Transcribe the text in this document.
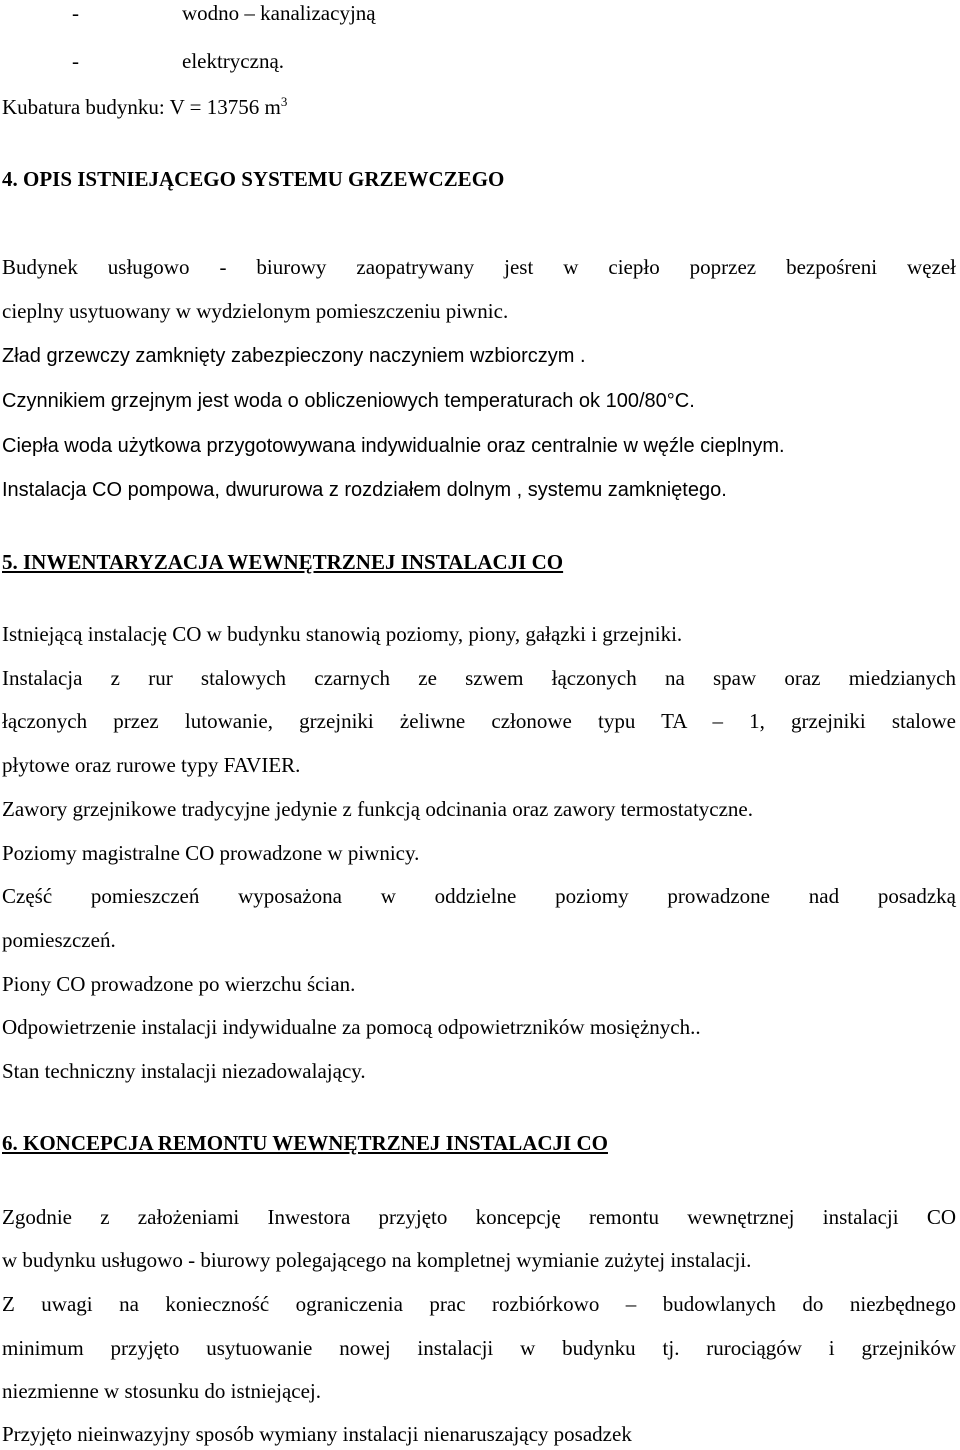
-	wodno – kanalizacyjną
-	elektryczną.
Kubatura budynku: V = 13756 $m^3$
4. OPIS ISTNIEJĄCEGO SYSTEMU GRZEWCZEGO
Budynek usługowo - biurowy zaopatrywany jest w ciepło poprzez bezpośreni węzeł
cieplny usytuowany w wydzielonym pomieszczeniu piwnic.
Zład grzewczy zamknięty zabezpieczony naczyniem wzbiorczym .
Czynnikiem grzejnym jest woda o obliczeniowych temperaturach ok 100/80°C.
Ciepła woda użytkowa przygotowywana indywidualnie oraz centralnie w węźle cieplnym.
Instalacja CO pompowa, dwururowa z rozdziałem dolnym , systemu zamkniętego.
5. INWENTARYZACJA WEWNĘTRZNEJ INSTALACJI CO
Istniejącą instalację CO w budynku stanowią poziomy, piony, gałązki i grzejniki.
Instalacja z rur stalowych czarnych ze szwem łączonych na spaw oraz miedzianych
łączonych przez lutowanie, grzejniki żeliwne członowe typu TA – 1, grzejniki stalowe
płytowe oraz rurowe typy FAVIER.
Zawory grzejnikowe tradycyjne jedynie z funkcją odcinania oraz zawory termostatyczne.
Poziomy magistralne CO prowadzone w piwnicy.
Część pomieszczeń wyposażona w oddzielne poziomy prowadzone nad posadzką
pomieszczeń.
Piony CO prowadzone po wierzchu ścian.
Odpowietrzenie instalacji indywidualne za pomocą odpowietrzników mosiężnych..
Stan techniczny instalacji niezadowalający.
6. KONCEPCJA REMONTU WEWNĘTRZNEJ INSTALACJI CO
Zgodnie z założeniami Inwestora przyjęto koncepcję remontu wewnętrznej instalacji CO
w budynku usługowo - biurowy polegającego na kompletnej wymianie zużytej instalacji.
Z uwagi na konieczność ograniczenia prac rozbiórkowo – budowlanych do niezbędnego
minimum przyjęto usytuowanie nowej instalacji w budynku tj. rurociągów i grzejników
niezmienne w stosunku do istniejącej.
Przyjęto nieinwazyjny sposób wymiany instalacji nienaruszający posadzek
